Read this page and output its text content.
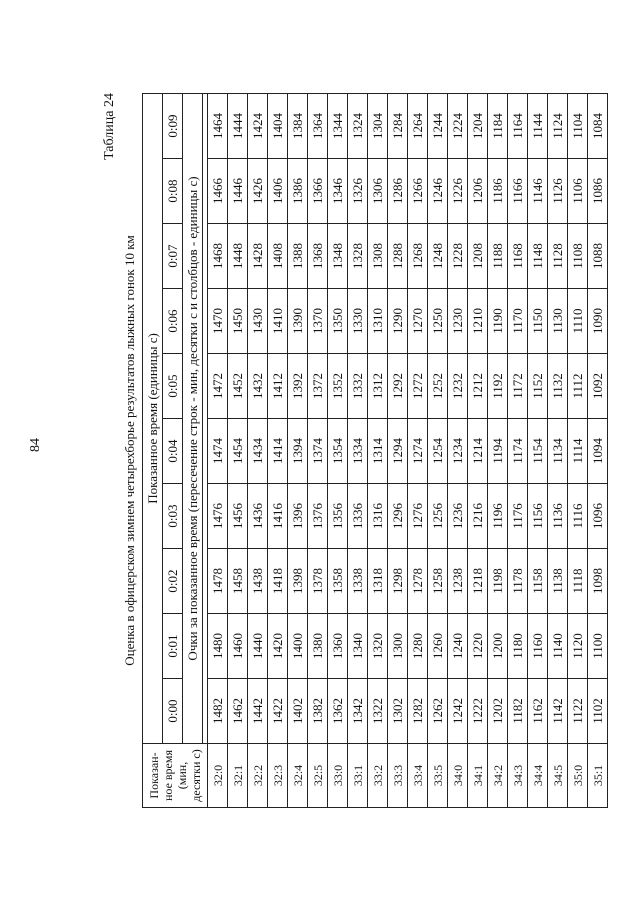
84
Таблица 24
Оценка в офицерском зимнем четырехборье результатов лыжных гонок 10 км
Показан-ное время (мин, десятки с)	Показанное время (единицы с)									
	0:00	0:01	0:02	0:03	0:04	0:05	0:06	0:07	0:08	0:09
	Очки за показанное время (пересечение строк - мин, десятки с и столбцов - единицы с)									

32:0	1482	1480	1478	1476	1474	1472	1470	1468	1466	1464
32:1	1462	1460	1458	1456	1454	1452	1450	1448	1446	1444
32:2	1442	1440	1438	1436	1434	1432	1430	1428	1426	1424
32:3	1422	1420	1418	1416	1414	1412	1410	1408	1406	1404
32:4	1402	1400	1398	1396	1394	1392	1390	1388	1386	1384
32:5	1382	1380	1378	1376	1374	1372	1370	1368	1366	1364
33:0	1362	1360	1358	1356	1354	1352	1350	1348	1346	1344
33:1	1342	1340	1338	1336	1334	1332	1330	1328	1326	1324
33:2	1322	1320	1318	1316	1314	1312	1310	1308	1306	1304
33:3	1302	1300	1298	1296	1294	1292	1290	1288	1286	1284
33:4	1282	1280	1278	1276	1274	1272	1270	1268	1266	1264
33:5	1262	1260	1258	1256	1254	1252	1250	1248	1246	1244
34:0	1242	1240	1238	1236	1234	1232	1230	1228	1226	1224
34:1	1222	1220	1218	1216	1214	1212	1210	1208	1206	1204
34:2	1202	1200	1198	1196	1194	1192	1190	1188	1186	1184
34:3	1182	1180	1178	1176	1174	1172	1170	1168	1166	1164
34:4	1162	1160	1158	1156	1154	1152	1150	1148	1146	1144
34:5	1142	1140	1138	1136	1134	1132	1130	1128	1126	1124
35:0	1122	1120	1118	1116	1114	1112	1110	1108	1106	1104
35:1	1102	1100	1098	1096	1094	1092	1090	1088	1086	1084
